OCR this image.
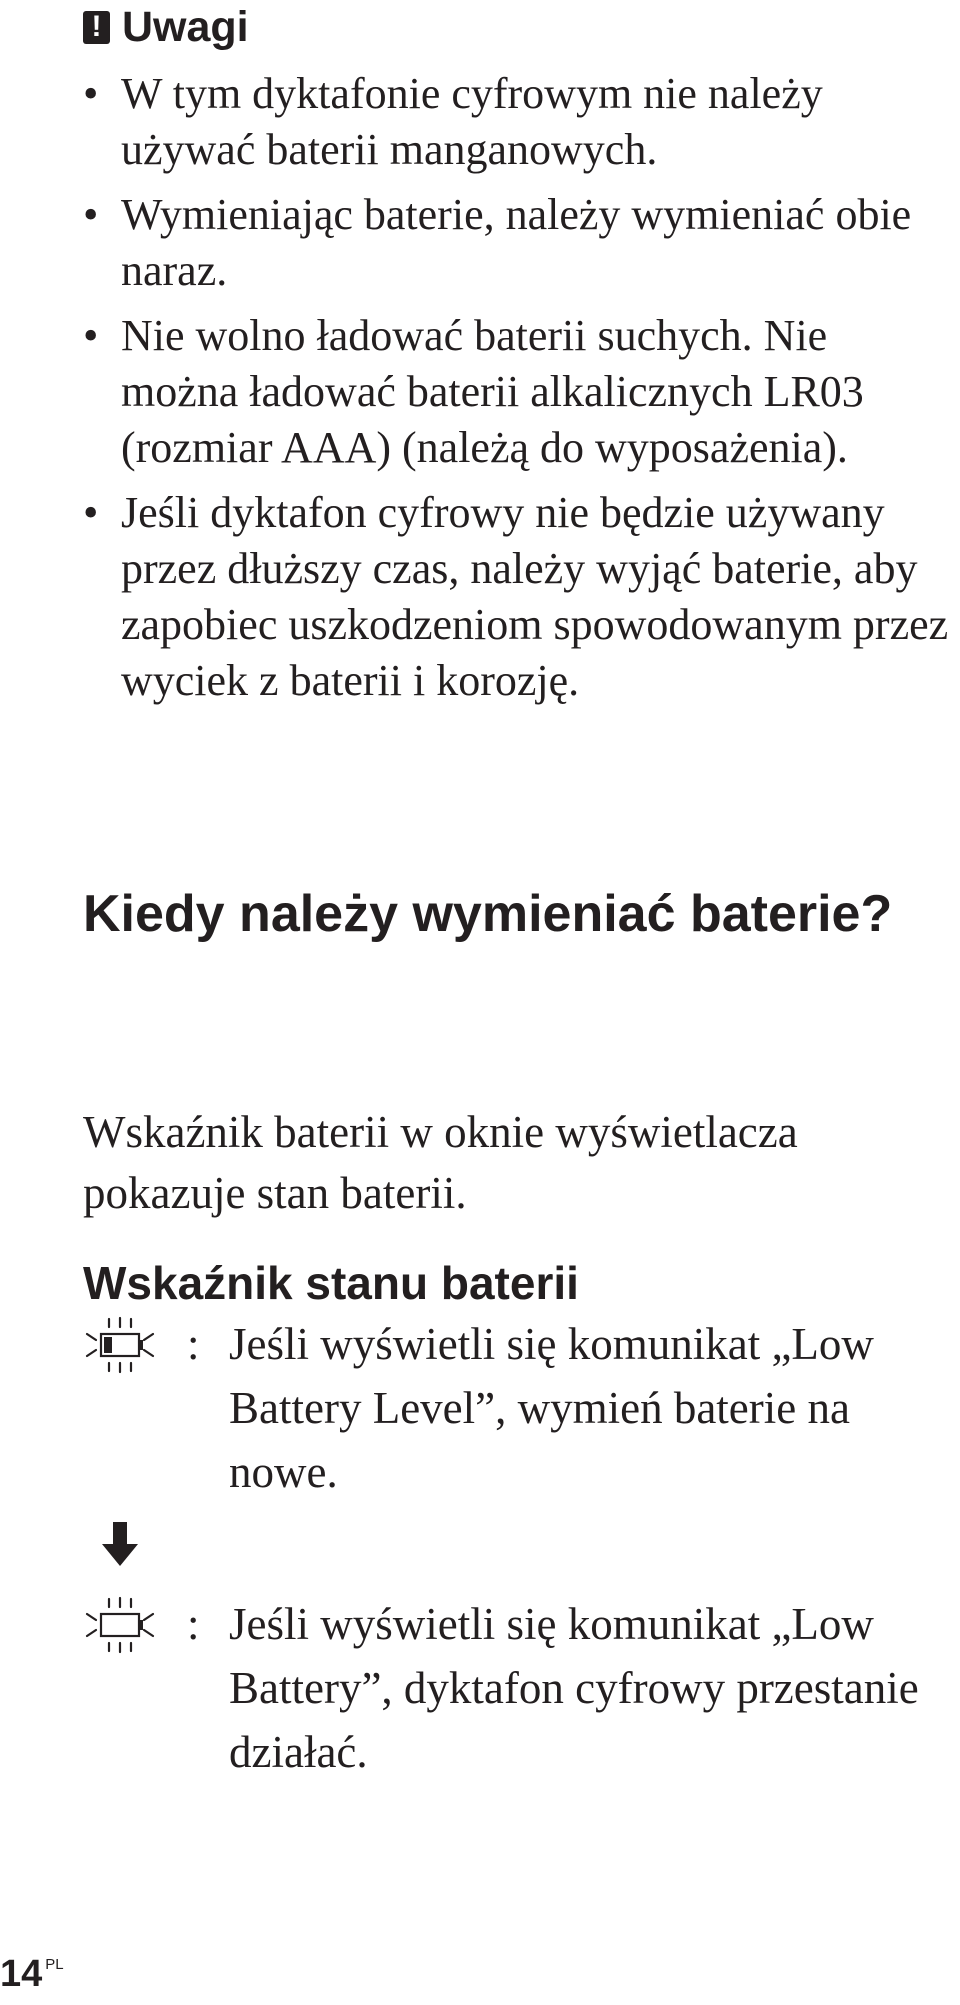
! Uwagi
• W tym dyktafonie cyfrowym nie należy używać baterii manganowych.
• Wymieniając baterie, należy wymieniać obie naraz.
• Nie wolno ładować baterii suchych. Nie można ładować baterii alkalicznych LR03 (rozmiar AAA) (należą do wyposażenia).
• Jeśli dyktafon cyfrowy nie będzie używany przez dłuższy czas, należy wyjąć baterie, aby zapobiec uszkodzeniom spowodowanym przez wyciek z baterii i korozję.
Kiedy należy wymieniać baterie?
Wskaźnik baterii w oknie wyświetlacza pokazuje stan baterii.
Wskaźnik stanu baterii
: Jeśli wyświetli się komunikat „Low Battery Level”, wymień baterie na nowe.
: Jeśli wyświetli się komunikat „Low Battery”, dyktafon cyfrowy przestanie działać.
14 PL
